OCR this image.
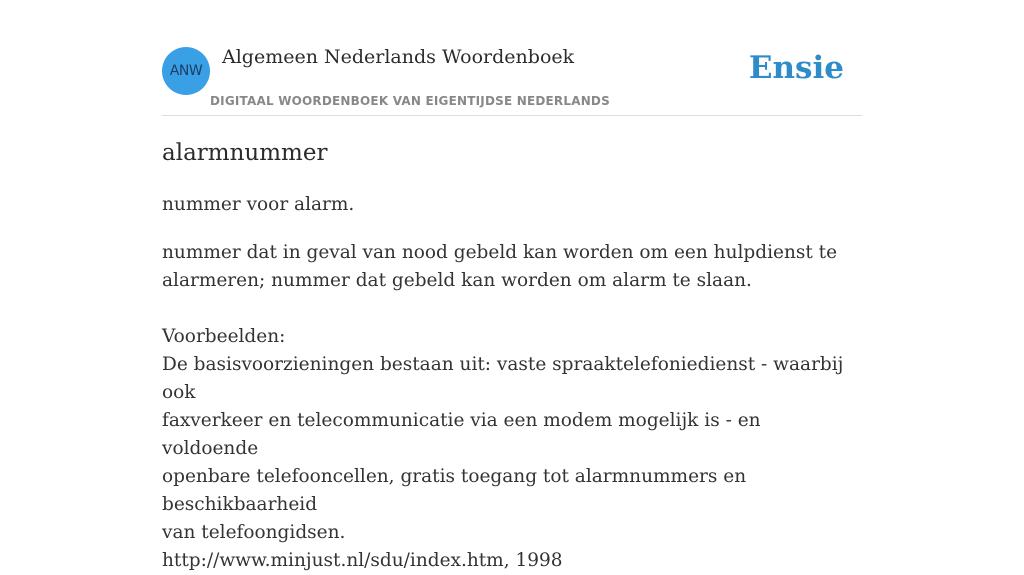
ANW
Algemeen Nederlands Woordenboek
DIGITAAL WOORDENBOEK VAN EIGENTIJDSE NEDERLANDS
Ensie
alarmnummer
nummer voor alarm.

nummer dat in geval van nood gebeld kan worden om een hulpdienst te

alarmeren; nummer dat gebeld kan worden om alarm te slaan.

Voorbeelden:

De basisvoorzieningen bestaan uit: vaste spraaktelefoniedienst - waarbij ook

faxverkeer en telecommunicatie via een modem mogelijk is - en voldoende

openbare telefooncellen, gratis toegang tot alarmnummers en beschikbaarheid

van telefoongidsen.

http://www.minjust.nl/sdu/index.htm, 1998
